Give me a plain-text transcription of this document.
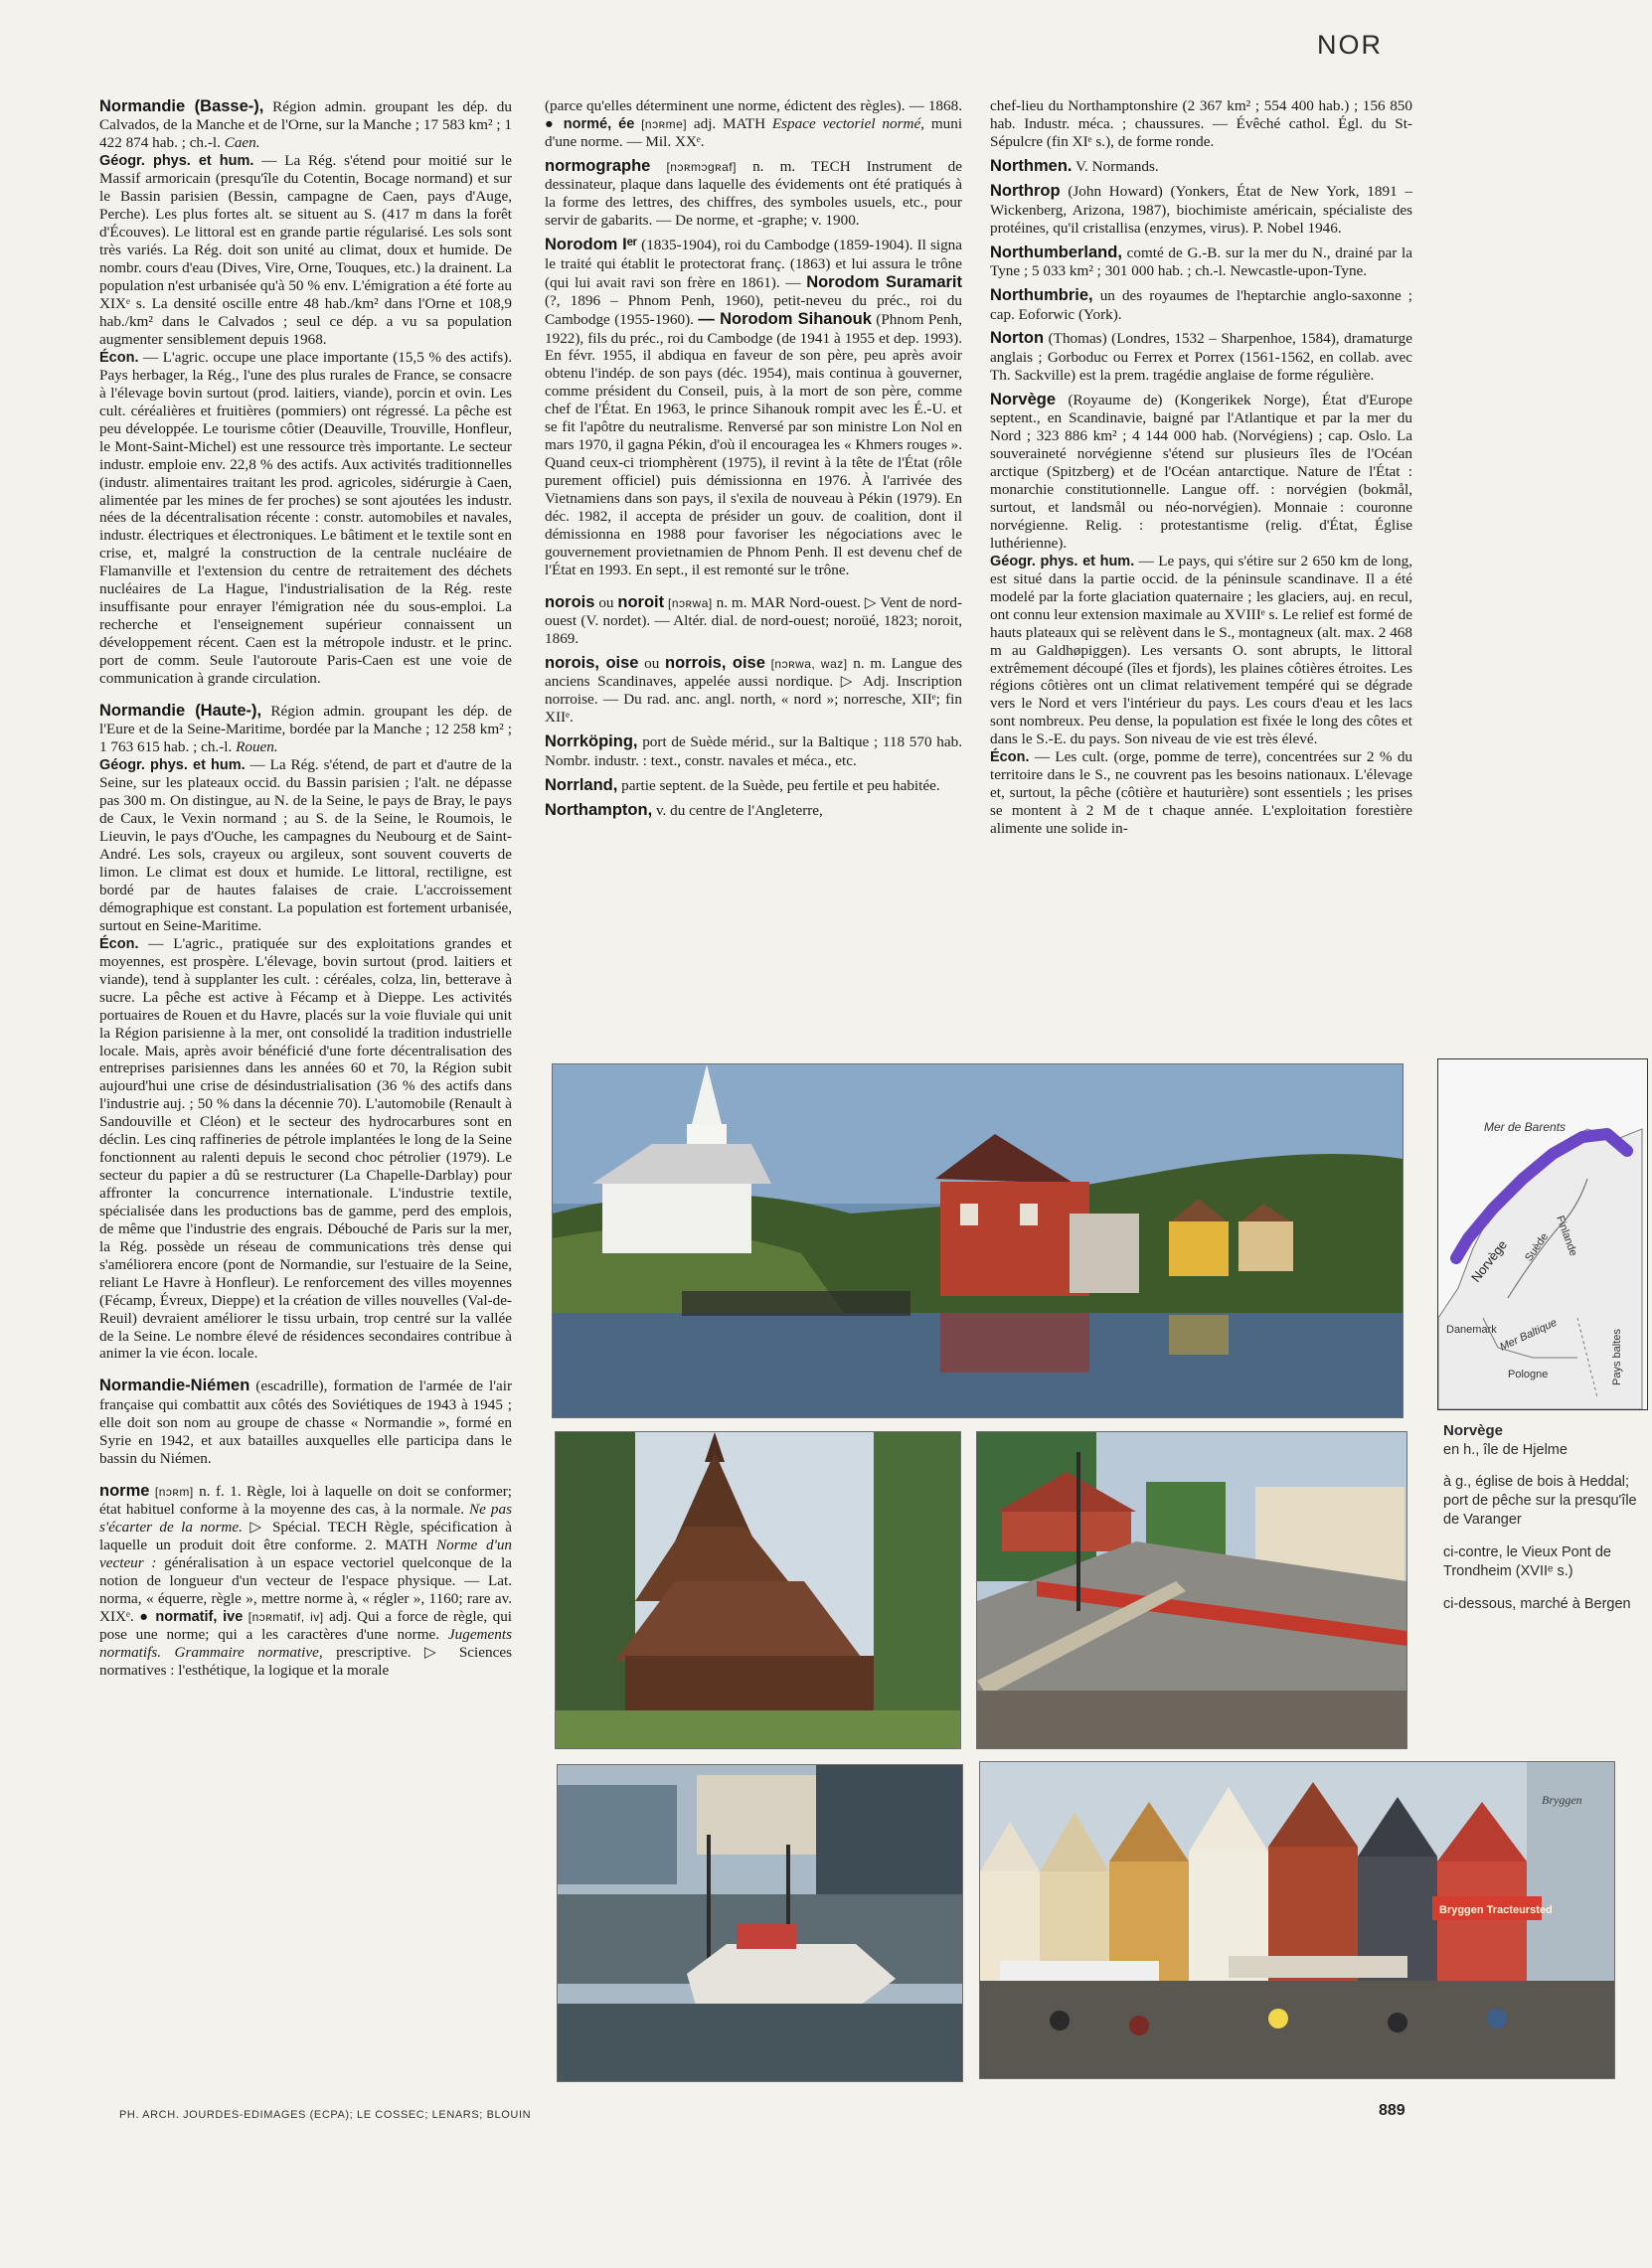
NOR

Normandie (Basse-), Région admin. groupant les dép. du Calvados, de la Manche et de l'Orne, sur la Manche ; 17 583 km² ; 1 422 874 hab. ; ch.-l. Caen.
Géogr. phys. et hum. — La Rég. s'étend pour moitié sur le Massif armoricain (presqu'île du Cotentin, Bocage normand) et sur le Bassin parisien (Bessin, campagne de Caen, pays d'Auge, Perche). Les plus fortes alt. se situent au S. (417 m dans la forêt d'Écouves). Le littoral est en grande partie régularisé. Les sols sont très variés. La Rég. doit son unité au climat, doux et humide. De nombr. cours d'eau (Dives, Vire, Orne, Touques, etc.) la drainent. La population n'est urbanisée qu'à 50 % env. L'émigration a été forte au XIXᵉ s. La densité oscille entre 48 hab./km² dans l'Orne et 108,9 hab./km² dans le Calvados ; seul ce dép. a vu sa population augmenter sensiblement depuis 1968.
Écon. — L'agric. occupe une place importante (15,5 % des actifs). Pays herbager, la Rég., l'une des plus rurales de France, se consacre à l'élevage bovin surtout (prod. laitiers, viande), porcin et ovin. Les cult. céréalières et fruitières (pommiers) ont régressé. La pêche est peu développée. Le tourisme côtier (Deauville, Trouville, Honfleur, le Mont-Saint-Michel) est une ressource très importante. Le secteur industr. emploie env. 22,8 % des actifs. Aux activités traditionnelles (industr. alimentaires traitant les prod. agricoles, sidérurgie à Caen, alimentée par les mines de fer proches) se sont ajoutées les industr. nées de la décentralisation récente : constr. automobiles et navales, industr. électriques et électroniques. Le bâtiment et le textile sont en crise, et, malgré la construction de la centrale nucléaire de Flamanville et l'extension du centre de retraitement des déchets nucléaires de La Hague, l'industrialisation de la Rég. reste insuffisante pour enrayer l'émigration née du sous-emploi. La recherche et l'enseignement supérieur connaissent un développement récent. Caen est la métropole industr. et le princ. port de comm. Seule l'autoroute Paris-Caen est une voie de communication à grande circulation.

Normandie (Haute-), Région admin. groupant les dép. de l'Eure et de la Seine-Maritime, bordée par la Manche ; 12 258 km² ; 1 763 615 hab. ; ch.-l. Rouen.
Géogr. phys. et hum. — La Rég. s'étend, de part et d'autre de la Seine, sur les plateaux occid. du Bassin parisien ; l'alt. ne dépasse pas 300 m. On distingue, au N. de la Seine, le pays de Bray, le pays de Caux, le Vexin normand ; au S. de la Seine, le Roumois, le Lieuvin, le pays d'Ouche, les campagnes du Neubourg et de Saint-André. Les sols, crayeux ou argileux, sont souvent couverts de limon. Le climat est doux et humide. Le littoral, rectiligne, est bordé par de hautes falaises de craie. L'accroissement démographique est constant. La population est fortement urbanisée, surtout en Seine-Maritime.
Écon. — L'agric., pratiquée sur des exploitations grandes et moyennes, est prospère. L'élevage, bovin surtout (prod. laitiers et viande), tend à supplanter les cult. : céréales, colza, lin, betterave à sucre. La pêche est active à Fécamp et à Dieppe. Les activités portuaires de Rouen et du Havre, placés sur la voie fluviale qui unit la Région parisienne à la mer, ont consolidé la tradition industrielle locale. Mais, après avoir bénéficié d'une forte décentralisation des entreprises parisiennes dans les années 60 et 70, la Région subit aujourd'hui une crise de désindustrialisation (36 % des actifs dans l'industrie auj. ; 50 % dans la décennie 70). L'automobile (Renault à Sandouville et Cléon) et le secteur des hydrocarbures sont en déclin. Les cinq raffineries de pétrole implantées le long de la Seine fonctionnent au ralenti depuis le second choc pétrolier (1979). Le secteur du papier a dû se restructurer (La Chapelle-Darblay) pour affronter la concurrence internationale. L'industrie textile, spécialisée dans les productions bas de gamme, perd des emplois, de même que l'industrie des engrais. Débouché de Paris sur la mer, la Rég. possède un réseau de communications très dense qui s'améliorera encore (pont de Normandie, sur l'estuaire de la Seine, reliant Le Havre à Honfleur). Le renforcement des villes moyennes (Fécamp, Évreux, Dieppe) et la création de villes nouvelles (Val-de-Reuil) devraient améliorer le tissu urbain, trop centré sur la vallée de la Seine. Le nombre élevé de résidences secondaires contribue à animer la vie écon. locale.

Normandie-Niémen (escadrille), formation de l'armée de l'air française qui combattit aux côtés des Soviétiques de 1943 à 1945 ; elle doit son nom au groupe de chasse « Normandie », formé en Syrie en 1942, et aux batailles auxquelles elle participa dans le bassin du Niémen.

norme [nɔʀm] n. f. 1. Règle, loi à laquelle on doit se conformer; état habituel conforme à la moyenne des cas, à la normale. Ne pas s'écarter de la norme. ▷ Spécial. TECH Règle, spécification à laquelle un produit doit être conforme. 2. MATH Norme d'un vecteur : généralisation à un espace vectoriel quelconque de la notion de longueur d'un vecteur de l'espace physique. — Lat. norma, « équerre, règle », mettre norme à, « régler », 1160; rare av. XIXᵉ. ● normatif, ive [nɔʀmatif, iv] adj. Qui a force de règle, qui pose une norme; qui a les caractères d'une norme. Jugements normatifs. Grammaire normative, prescriptive. ▷ Sciences normatives : l'esthétique, la logique et la morale

(parce qu'elles déterminent une norme, édictent des règles). — 1868. ● normé, ée [nɔʀme] adj. MATH Espace vectoriel normé, muni d'une norme. — Mil. XXᵉ.

normographe [nɔʀmɔgʀaf] n. m. TECH Instrument de dessinateur, plaque dans laquelle des évidements ont été pratiqués à la forme des lettres, des chiffres, des symboles usuels, etc., pour servir de gabarits. — De norme, et -graphe; v. 1900.

Norodom Iᵉʳ (1835-1904), roi du Cambodge (1859-1904). Il signa le traité qui établit le protectorat franç. (1863) et lui assura le trône (qui lui avait ravi son frère en 1861). — Norodom Suramarit (?, 1896 – Phnom Penh, 1960), petit-neveu du préc., roi du Cambodge (1955-1960). — Norodom Sihanouk (Phnom Penh, 1922), fils du préc., roi du Cambodge (de 1941 à 1955 et dep. 1993). En févr. 1955, il abdiqua en faveur de son père, peu après avoir obtenu l'indép. de son pays (déc. 1954), mais continua à gouverner, comme président du Conseil, puis, à la mort de son père, comme chef de l'État. En 1963, le prince Sihanouk rompit avec les É.-U. et se fit l'apôtre du neutralisme. Renversé par son ministre Lon Nol en mars 1970, il gagna Pékin, d'où il encouragea les « Khmers rouges ». Quand ceux-ci triomphèrent (1975), il revint à la tête de l'État (rôle purement officiel) puis démissionna en 1976. À l'arrivée des Vietnamiens dans son pays, il s'exila de nouveau à Pékin (1979). En déc. 1982, il accepta de présider un gouv. de coalition, dont il démissionna en 1988 pour favoriser les négociations avec le gouvernement provietnamien de Phnom Penh. Il est devenu chef de l'État en 1993. En sept., il est remonté sur le trône.

norois ou noroit [nɔʀwa] n. m. MAR Nord-ouest. ▷ Vent de nord-ouest (V. nordet). — Altér. dial. de nord-ouest; noroüé, 1823; noroit, 1869.

norois, oise ou norrois, oise [nɔʀwa, waz] n. m. Langue des anciens Scandinaves, appelée aussi nordique. ▷ Adj. Inscription norroise. — Du rad. anc. angl. north, « nord »; norresche, XIIᵉ; fin XIIᵉ.

Norrköping, port de Suède mérid., sur la Baltique ; 118 570 hab. Nombr. industr. : text., constr. navales et méca., etc.

Norrland, partie septent. de la Suède, peu fertile et peu habitée.

Northampton, v. du centre de l'Angleterre,

chef-lieu du Northamptonshire (2 367 km² ; 554 400 hab.) ; 156 850 hab. Industr. méca. ; chaussures. — Évêché cathol. Égl. du St-Sépulcre (fin XIᵉ s.), de forme ronde.

Northmen. V. Normands.

Northrop (John Howard) (Yonkers, État de New York, 1891 – Wickenberg, Arizona, 1987), biochimiste américain, spécialiste des protéines, qu'il cristallisa (enzymes, virus). P. Nobel 1946.

Northumberland, comté de G.-B. sur la mer du N., drainé par la Tyne ; 5 033 km² ; 301 000 hab. ; ch.-l. Newcastle-upon-Tyne.

Northumbrie, un des royaumes de l'heptarchie anglo-saxonne ; cap. Eoforwic (York).

Norton (Thomas) (Londres, 1532 – Sharpenhoe, 1584), dramaturge anglais ; Gorboduc ou Ferrex et Porrex (1561-1562, en collab. avec Th. Sackville) est la prem. tragédie anglaise de forme régulière.

Norvège (Royaume de) (Kongerikek Norge), État d'Europe septent., en Scandinavie, baigné par l'Atlantique et par la mer du Nord ; 323 886 km² ; 4 144 000 hab. (Norvégiens) ; cap. Oslo. La souveraineté norvégienne s'étend sur plusieurs îles de l'Océan arctique (Spitzberg) et de l'Océan antarctique. Nature de l'État : monarchie constitutionnelle. Langue off. : norvégien (bokmål, surtout, et landsmål ou néo-norvégien). Monnaie : couronne norvégienne. Relig. : protestantisme (relig. d'État, Église luthérienne).
Géogr. phys. et hum. — Le pays, qui s'étire sur 2 650 km de long, est situé dans la partie occid. de la péninsule scandinave. Il a été modelé par la forte glaciation quaternaire ; les glaciers, auj. en recul, ont connu leur extension maximale au XVIIIᵉ s. Le relief est formé de hauts plateaux qui se relèvent dans le S., montagneux (alt. max. 2 468 m au Galdhøpiggen). Les versants O. sont abrupts, le littoral extrêmement découpé (îles et fjords), les plaines côtières étroites. Les régions côtières ont un climat relativement tempéré qui se dégrade vers le Nord et vers l'intérieur du pays. Les cours d'eau et les lacs sont nombreux. Peu dense, la population est fixée le long des côtes et dans le S.-E. du pays. Son niveau de vie est très élevé.
Écon. — Les cult. (orge, pomme de terre), concentrées sur 2 % du territoire dans le S., ne couvrent pas les besoins nationaux. L'élevage et, surtout, la pêche (côtière et hauturière) sont essentiels ; les prises se montent à 2 M de t chaque année. L'exploitation forestière alimente une solide in-

Mer de Barents
Norvège Suède Finlande
Danemark Mer Baltique
Pologne	Pays baltes
Norvège
en h., île de Hjelme
à g., église de bois à Heddal; port de pêche sur la presqu'île de Varanger
ci-contre, le Vieux Pont de Trondheim (XVIIᵉ s.)
ci-dessous, marché à Bergen
Bryggen Tracteursted
Bryggen
PH. ARCH. JOURDES-EDIMAGES (ECPA); LE COSSEC; LENARS; BLOUIN	889
